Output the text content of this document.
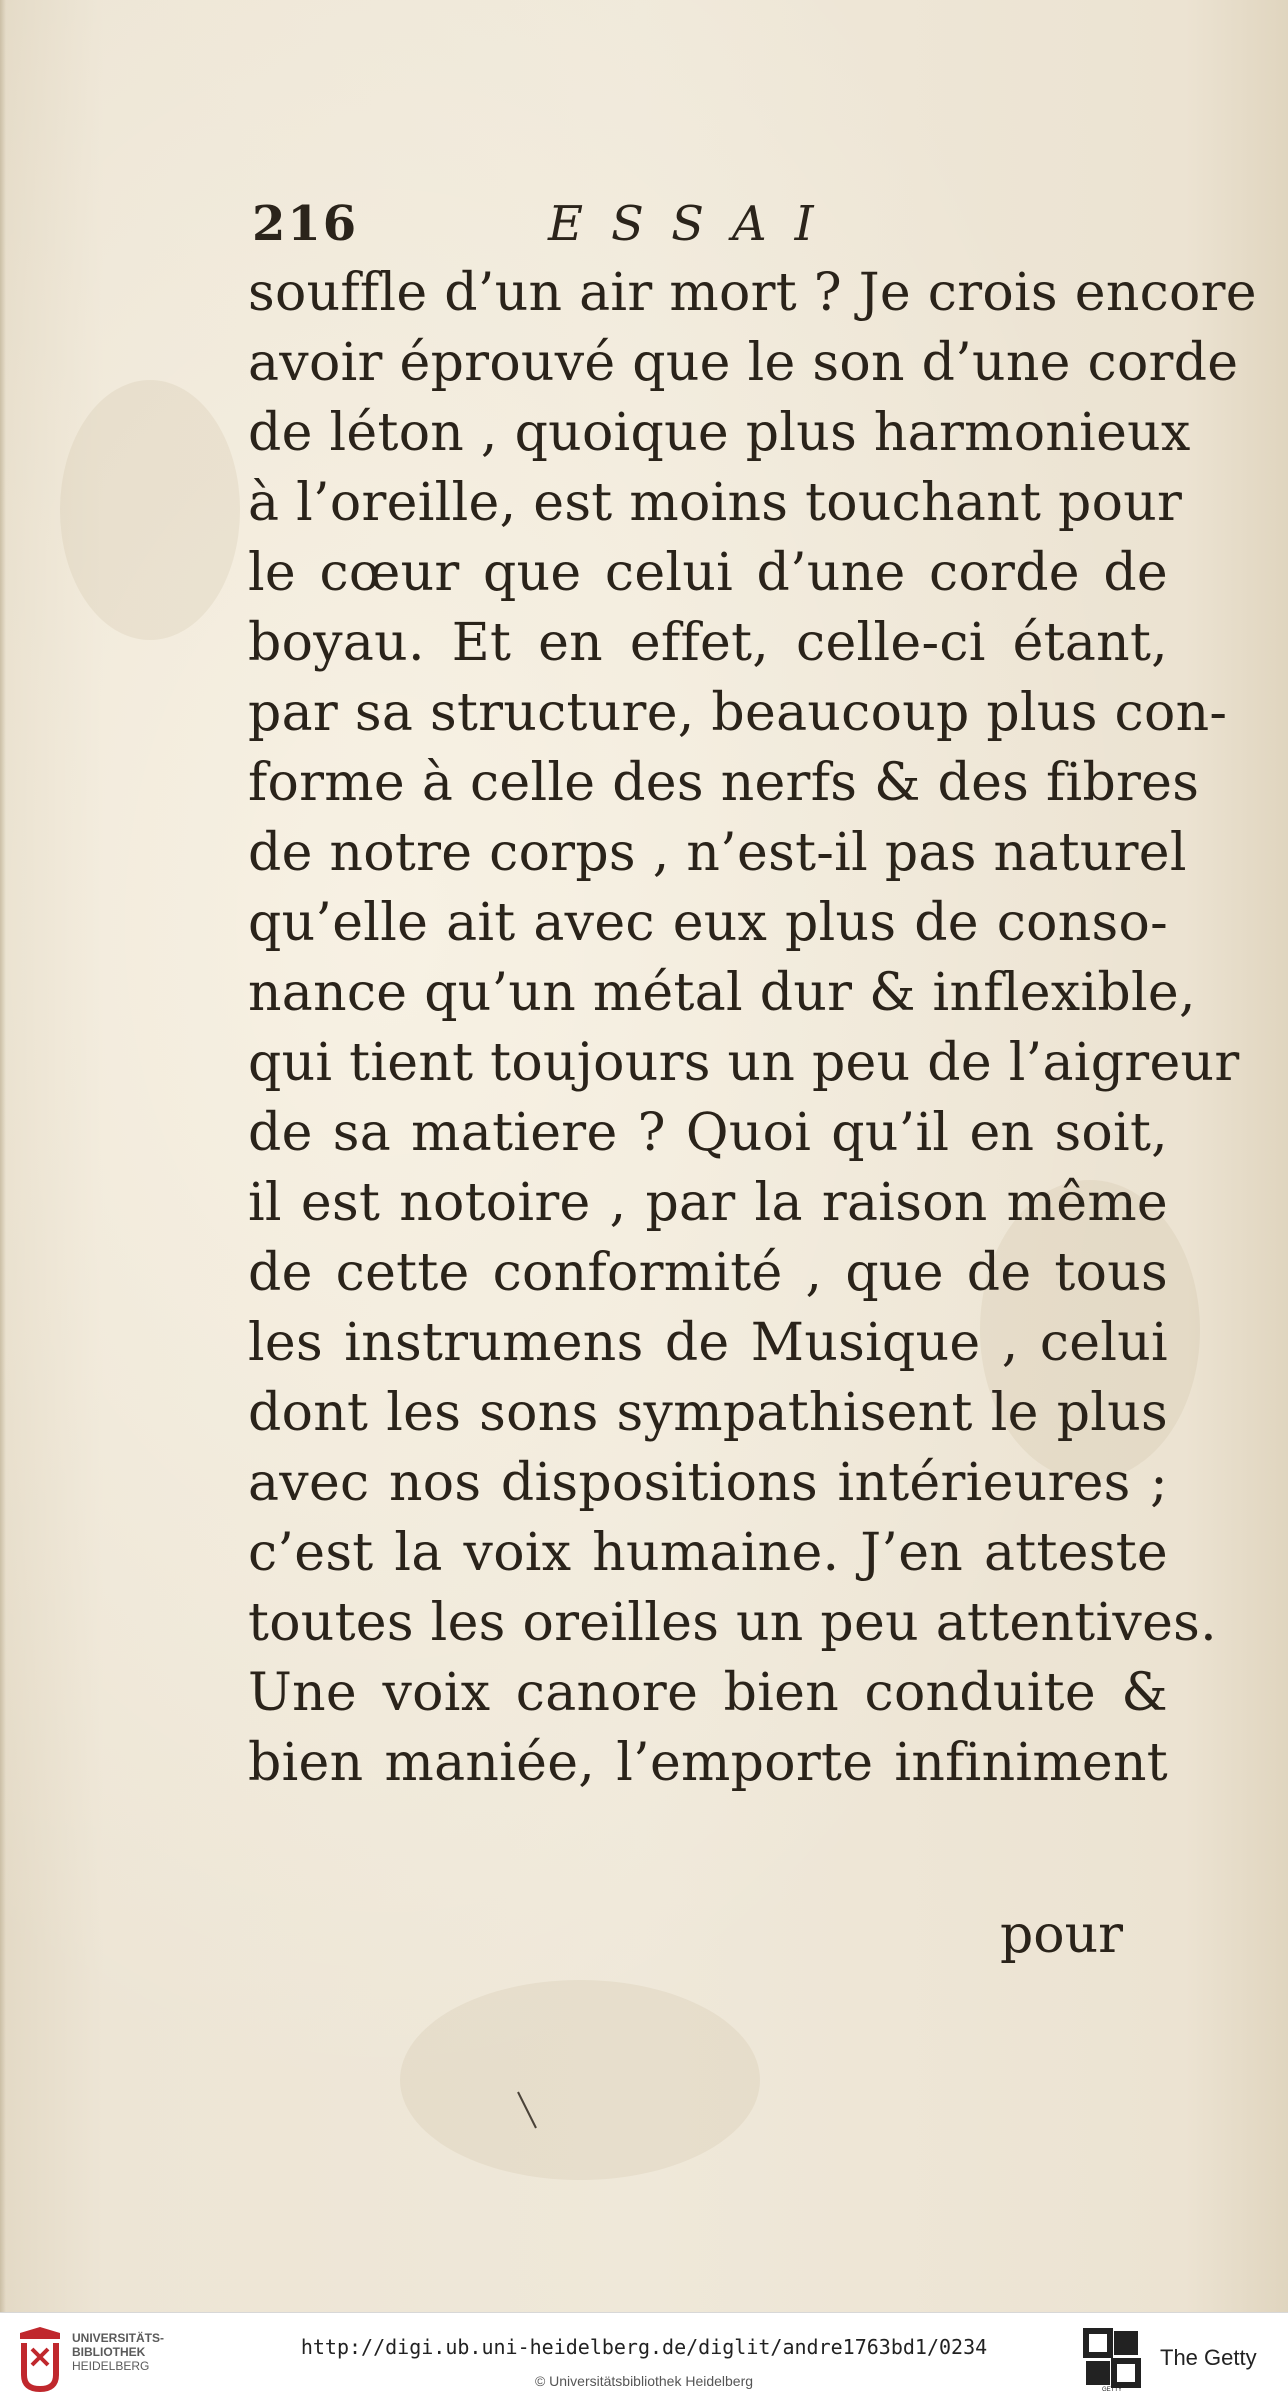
216	ESSAI
souffle d’un air mort ? Je crois encore
avoir éprouvé que le son d’une corde
de léton , quoique plus harmonieux
à l’oreille, est moins touchant pour
le cœur que celui d’une corde de
boyau. Et en effet, celle-ci étant,
par sa structure, beaucoup plus con-
forme à celle des nerfs & des fibres
de notre corps , n’est-il pas naturel
qu’elle ait avec eux plus de conso-
nance qu’un métal dur & inflexible,
qui tient toujours un peu de l’aigreur
de sa matiere ? Quoi qu’il en soit,
il est notoire , par la raison même
de cette conformité , que de tous
les instrumens de Musique , celui
dont les sons sympathisent le plus
avec nos dispositions intérieures ;
c’est la voix humaine. J’en atteste
toutes les oreilles un peu attentives.
Une voix canore bien conduite &
bien maniée, l’emporte infiniment
pour
UNIVERSITÄTS-
BIBLIOTHEK
HEIDELBERG
http://digi.ub.uni-heidelberg.de/diglit/andre1763bd1/0234
© Universitätsbibliothek Heidelberg
GETTY
The Getty
